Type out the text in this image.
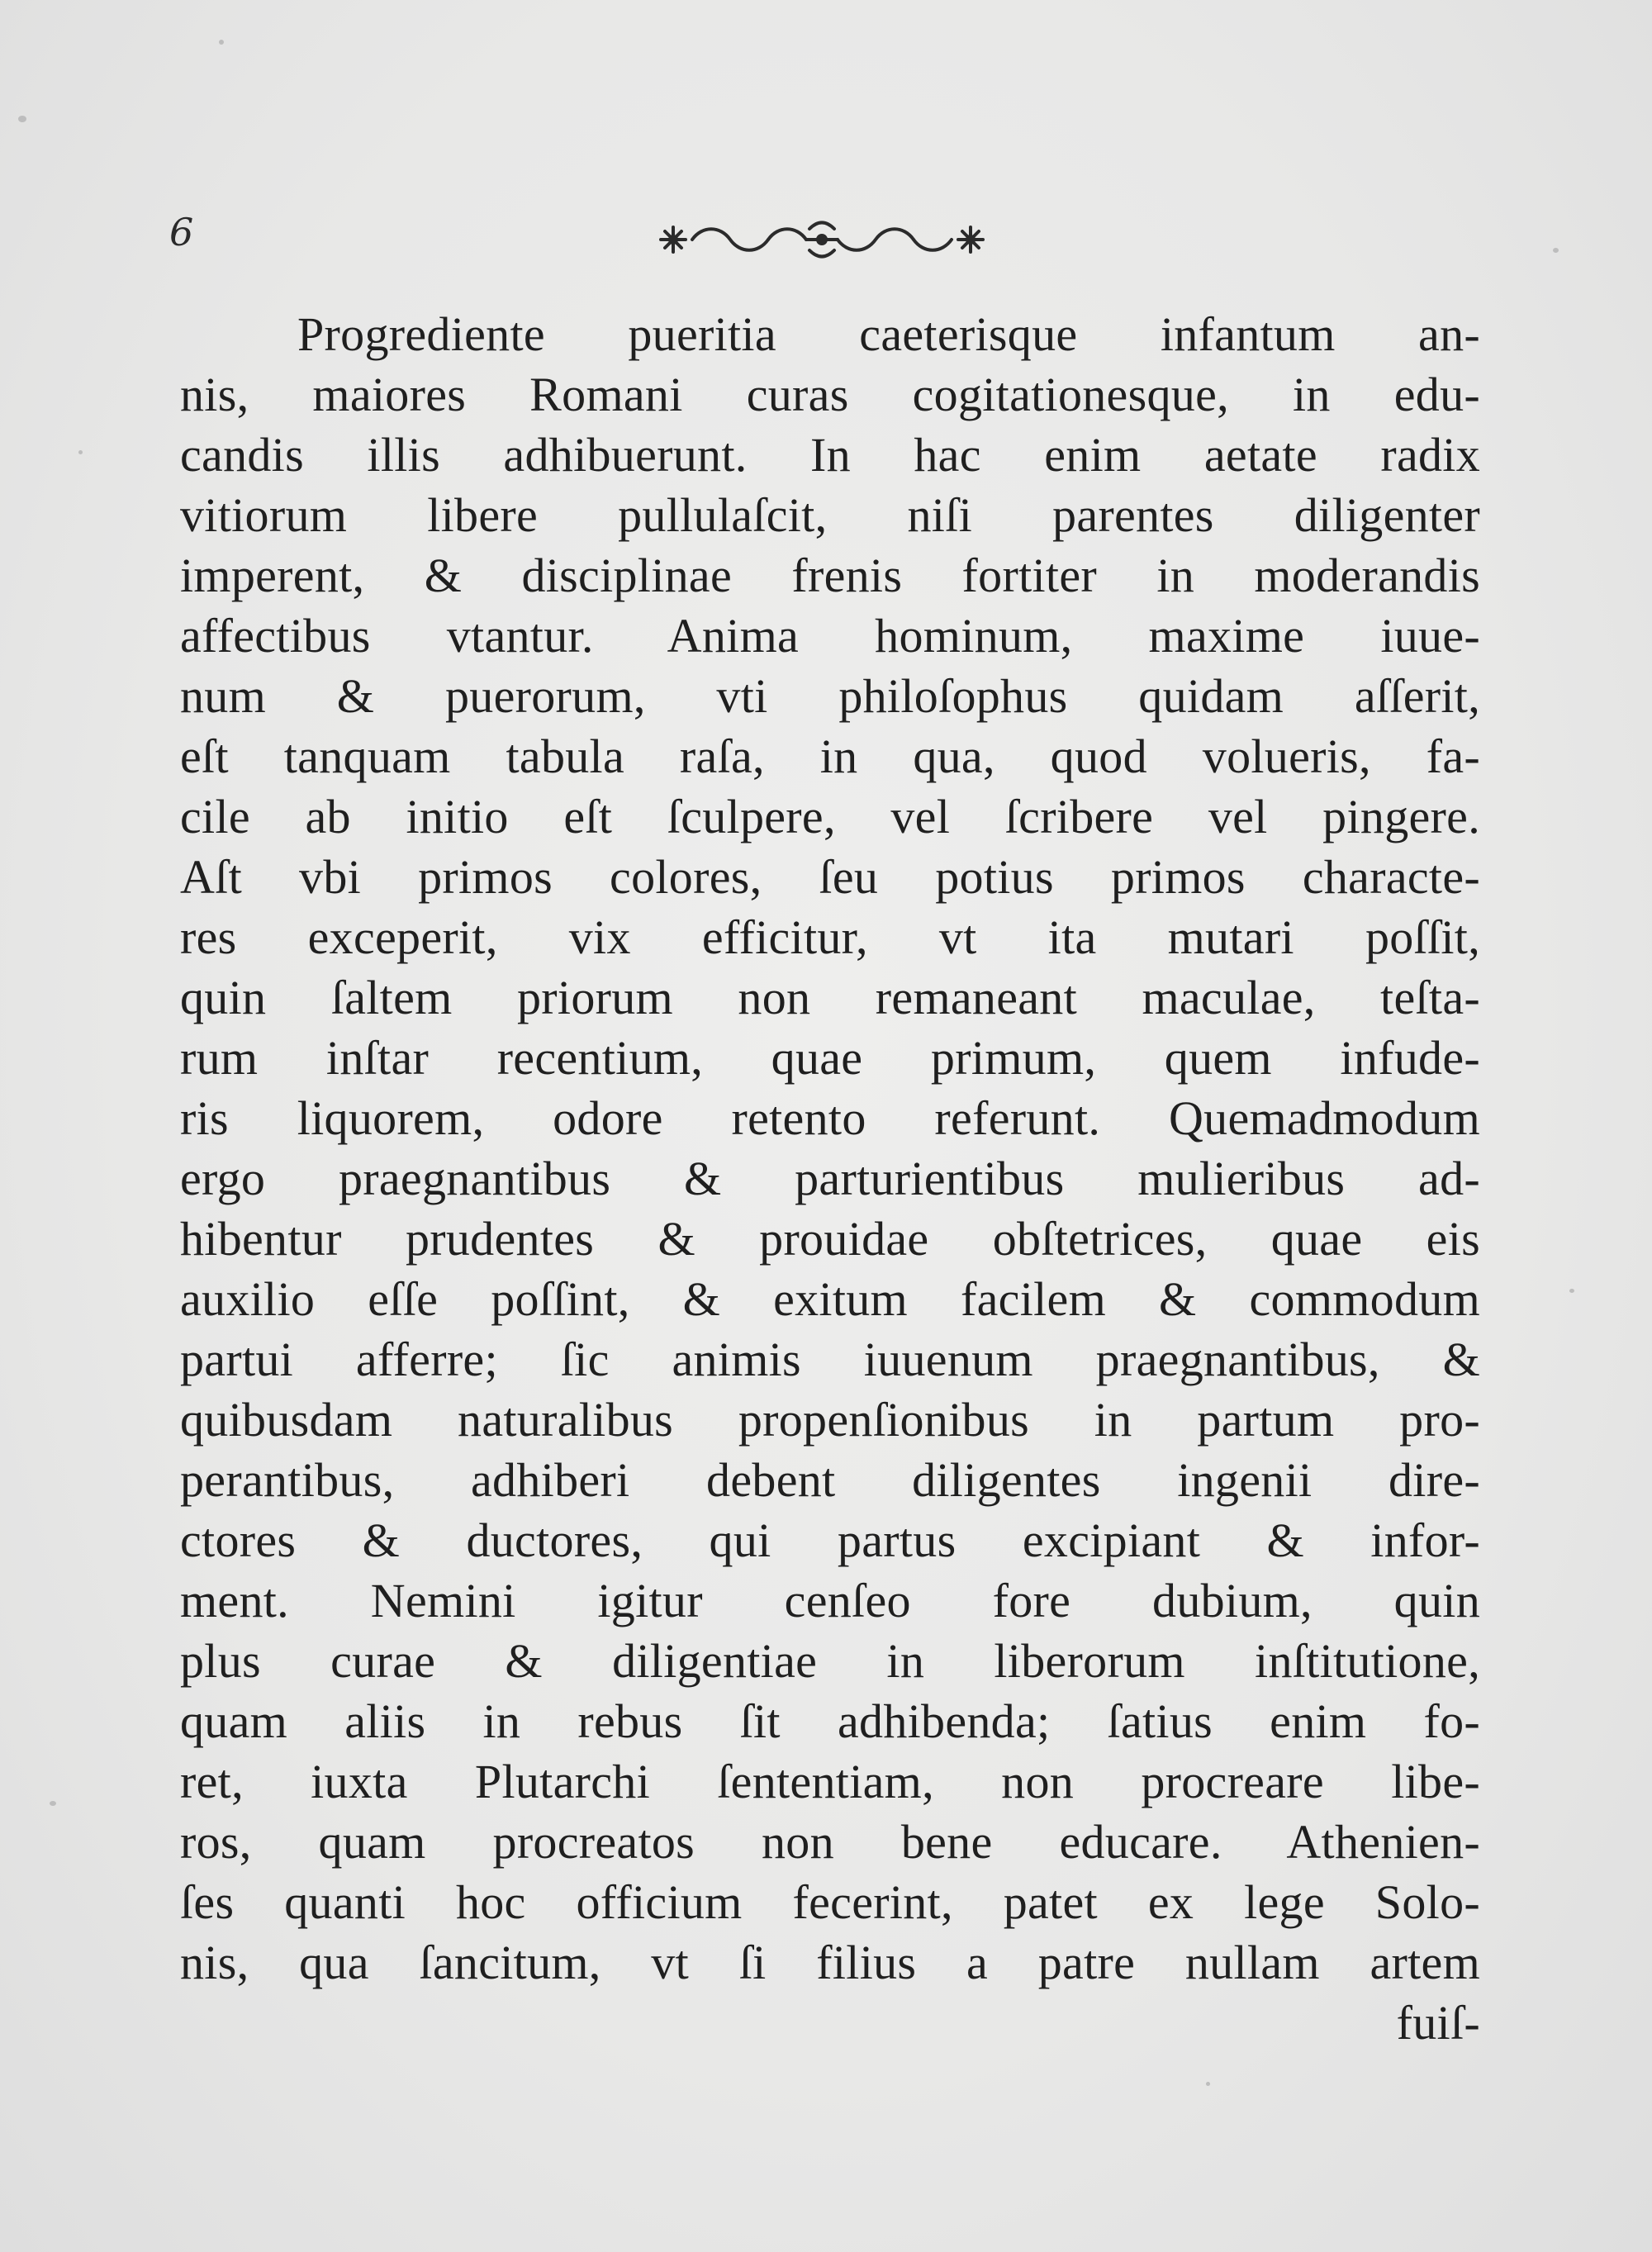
6
Progrediente pueritia caeterisque infantum an-
nis, maiores Romani curas cogitationesque, in edu-
candis illis adhibuerunt. In hac enim aetate radix
vitiorum libere pullulaſcit, niſi parentes diligenter
imperent, & disciplinae frenis fortiter in moderandis
affectibus vtantur. Anima hominum, maxime iuue-
num & puerorum, vti philoſophus quidam aſſerit,
eſt tanquam tabula raſa, in qua, quod volueris, fa-
cile ab initio eſt ſculpere, vel ſcribere vel pingere.
Aſt vbi primos colores, ſeu potius primos characte-
res exceperit, vix efficitur, vt ita mutari poſſit,
quin ſaltem priorum non remaneant maculae, teſta-
rum inſtar recentium, quae primum, quem infude-
ris liquorem, odore retento referunt. Quemadmodum
ergo praegnantibus & parturientibus mulieribus ad-
hibentur prudentes & prouidae obſtetrices, quae eis
auxilio eſſe poſſint, & exitum facilem & commodum
partui afferre; ſic animis iuuenum praegnantibus, &
quibusdam naturalibus propenſionibus in partum pro-
perantibus, adhiberi debent diligentes ingenii dire-
ctores & ductores, qui partus excipiant & infor-
ment. Nemini igitur cenſeo fore dubium, quin
plus curae & diligentiae in liberorum inſtitutione,
quam aliis in rebus ſit adhibenda; ſatius enim fo-
ret, iuxta Plutarchi ſententiam, non procreare libe-
ros, quam procreatos non bene educare. Athenien-
ſes quanti hoc officium fecerint, patet ex lege Solo-
nis, qua ſancitum, vt ſi filius a patre nullam artem
fuiſ-
